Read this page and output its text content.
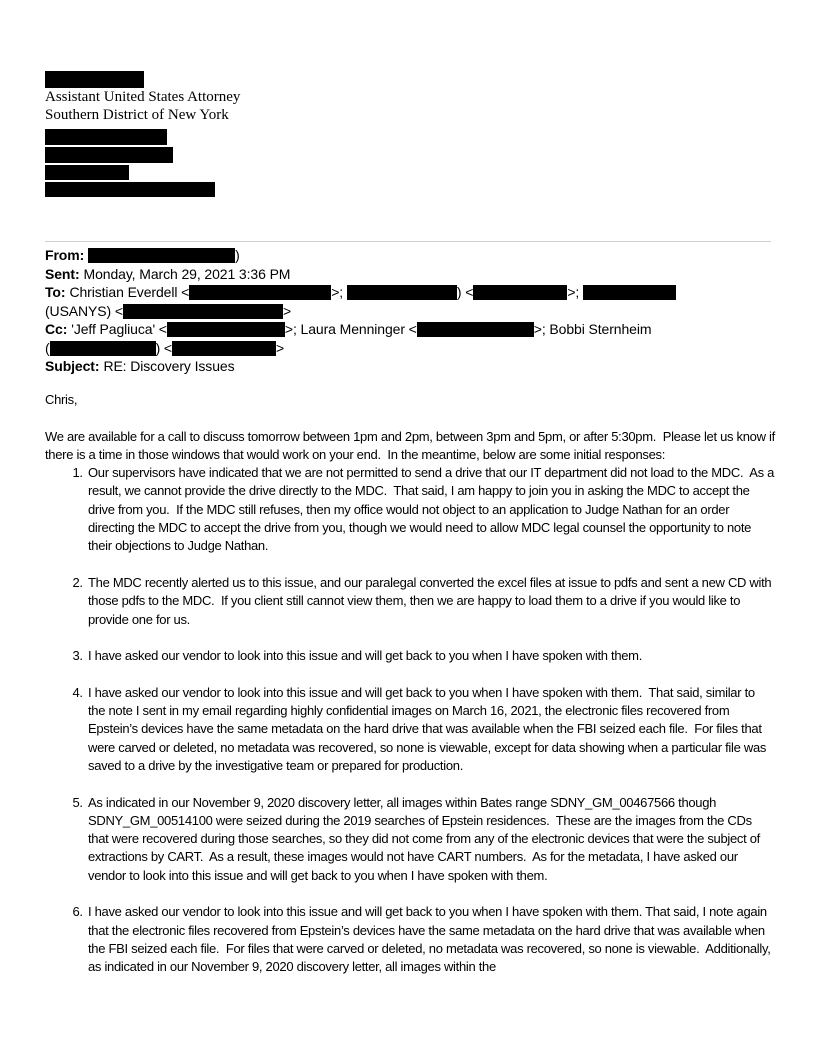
Assistant United States Attorney
Southern District of New York
From:	)
Sent: Monday, March 29, 2021 3:36 PM
To: Christian Everdell <	>;	) <	>;
(USANYS) <	>
Cc: 'Jeff Pagliuca' <	>; Laura Menninger <	>; Bobbi Sternheim
(	) <	>
Subject: RE: Discovery Issues

Chris,

We are available for a call to discuss tomorrow between 1pm and 2pm, between 3pm and 5pm, or after 5:30pm.  Please let us know if there is a time in those windows that would work on your end.  In the meantime, below are some initial responses:

1. Our supervisors have indicated that we are not permitted to send a drive that our IT department did not load to the MDC.  As a result, we cannot provide the drive directly to the MDC.  That said, I am happy to join you in asking the MDC to accept the drive from you.  If the MDC still refuses, then my office would not object to an application to Judge Nathan for an order directing the MDC to accept the drive from you, though we would need to allow MDC legal counsel the opportunity to note their objections to Judge Nathan.
2. The MDC recently alerted us to this issue, and our paralegal converted the excel files at issue to pdfs and sent a new CD with those pdfs to the MDC.  If you client still cannot view them, then we are happy to load them to a drive if you would like to provide one for us.
3. I have asked our vendor to look into this issue and will get back to you when I have spoken with them.
4. I have asked our vendor to look into this issue and will get back to you when I have spoken with them.  That said, similar to the note I sent in my email regarding highly confidential images on March 16, 2021, the electronic files recovered from Epstein’s devices have the same metadata on the hard drive that was available when the FBI seized each file.  For files that were carved or deleted, no metadata was recovered, so none is viewable, except for data showing when a particular file was saved to a drive by the investigative team or prepared for production.
5. As indicated in our November 9, 2020 discovery letter, all images within Bates range SDNY_GM_00467566 though SDNY_GM_00514100 were seized during the 2019 searches of Epstein residences.  These are the images from the CDs that were recovered during those searches, so they did not come from any of the electronic devices that were the subject of extractions by CART.  As a result, these images would not have CART numbers.  As for the metadata, I have asked our vendor to look into this issue and will get back to you when I have spoken with them.
6. I have asked our vendor to look into this issue and will get back to you when I have spoken with them. That said, I note again that the electronic files recovered from Epstein’s devices have the same metadata on the hard drive that was available when the FBI seized each file.  For files that were carved or deleted, no metadata was recovered, so none is viewable.  Additionally, as indicated in our November 9, 2020 discovery letter, all images within the
